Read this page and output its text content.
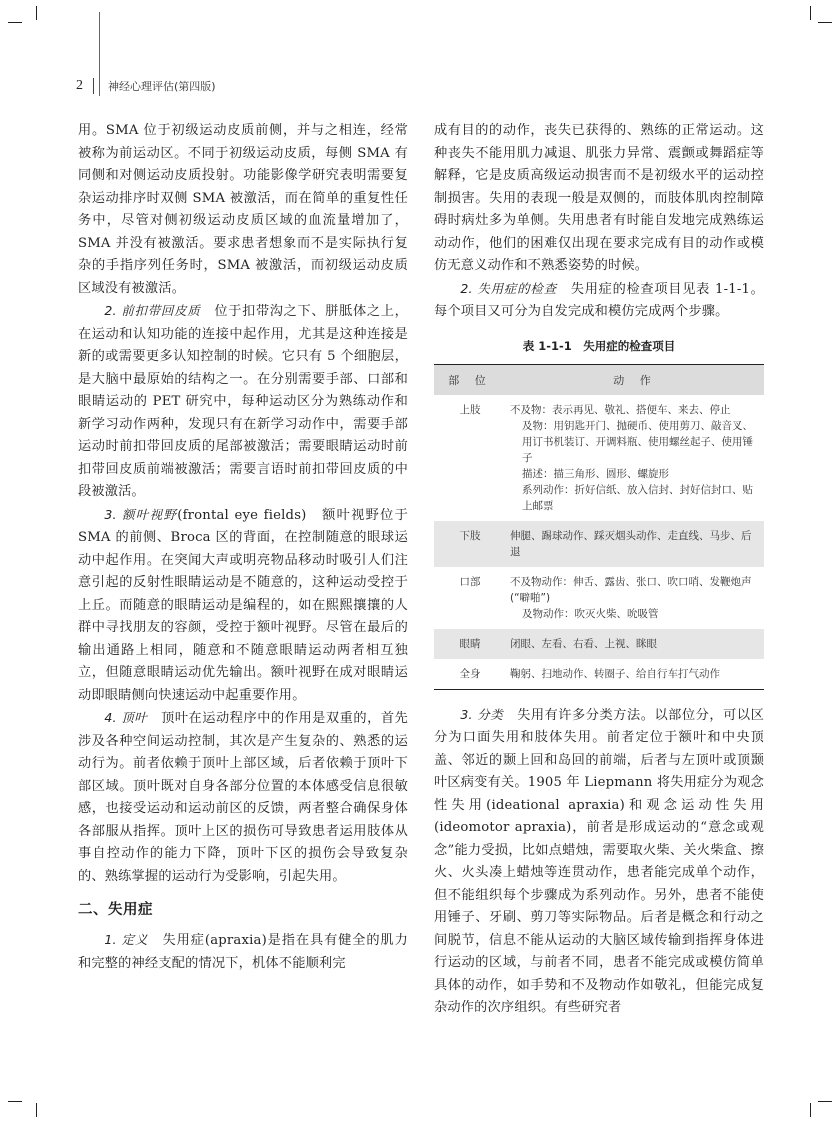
2 神经心理评估(第四版)

用。SMA 位于初级运动皮质前侧，并与之相连，经常被称为前运动区。不同于初级运动皮质，每侧 SMA 有同侧和对侧运动皮质投射。功能影像学研究表明需要复杂运动排序时双侧 SMA 被激活，而在简单的重复性任务中，尽管对侧初级运动皮质区域的血流量增加了，SMA 并没有被激活。要求患者想象而不是实际执行复杂的手指序列任务时，SMA 被激活，而初级运动皮质区域没有被激活。

2. 前扣带回皮质　位于扣带沟之下、胼胝体之上，在运动和认知功能的连接中起作用，尤其是这种连接是新的或需要更多认知控制的时候。它只有 5 个细胞层，是大脑中最原始的结构之一。在分别需要手部、口部和眼睛运动的 PET 研究中，每种运动区分为熟练动作和新学习动作两种，发现只有在新学习动作中，需要手部运动时前扣带回皮质的尾部被激活；需要眼睛运动时前扣带回皮质前端被激活；需要言语时前扣带回皮质的中段被激活。

3. 额叶视野(frontal eye fields)　额叶视野位于 SMA 的前侧、Broca 区的背面，在控制随意的眼球运动中起作用。在突闻大声或明亮物品移动时吸引人们注意引起的反射性眼睛运动是不随意的，这种运动受控于上丘。而随意的眼睛运动是编程的，如在熙熙攘攘的人群中寻找朋友的容颜，受控于额叶视野。尽管在最后的输出通路上相同，随意和不随意眼睛运动两者相互独立，但随意眼睛运动优先输出。额叶视野在成对眼睛运动即眼睛侧向快速运动中起重要作用。

4. 顶叶　顶叶在运动程序中的作用是双重的，首先涉及各种空间运动控制，其次是产生复杂的、熟悉的运动行为。前者依赖于顶叶上部区域，后者依赖于顶叶下部区域。顶叶既对自身各部分位置的本体感受信息很敏感，也接受运动和运动前区的反馈，两者整合确保身体各部服从指挥。顶叶上区的损伤可导致患者运用肢体从事自控动作的能力下降，顶叶下区的损伤会导致复杂的、熟练掌握的运动行为受影响，引起失用。

二、失用症

1. 定义　失用症(apraxia)是指在具有健全的肌力和完整的神经支配的情况下，机体不能顺利完

成有目的的动作，丧失已获得的、熟练的正常运动。这种丧失不能用肌力减退、肌张力异常、震颤或舞蹈症等解释，它是皮质高级运动损害而不是初级水平的运动控制损害。失用的表现一般是双侧的，而肢体肌肉控制障碍时病灶多为单侧。失用患者有时能自发地完成熟练运动动作，他们的困难仅出现在要求完成有目的动作或模仿无意义动作和不熟悉姿势的时候。

2. 失用症的检查　失用症的检查项目见表 1-1-1。每个项目又可分为自发完成和模仿完成两个步骤。

表 1-1-1　失用症的检查项目
部 位	动 作
上肢	不及物：表示再见、敬礼、搭便车、来去、停止
及物：用钥匙开门、抛硬币、使用剪刀、敲音叉、用订书机装订、开调料瓶、使用螺丝起子、使用锤子
描述：描三角形、圆形、螺旋形
系列动作：折好信纸、放入信封、封好信封口、贴上邮票

下肢	伸腿、踢球动作、踩灭烟头动作、走直线、马步、后退

口部	不及物动作：伸舌、露齿、张口、吹口哨、发鞭炮声(“噼啪”)
及物动作：吹灭火柴、吮吸管

眼睛	闭眼、左看、右看、上视、眯眼

全身	鞠躬、扫地动作、转圈子、给自行车打气动作

3. 分类　失用有许多分类方法。以部位分，可以区分为口面失用和肢体失用。前者定位于额叶和中央顶盖、邻近的颞上回和岛回的前端，后者与左顶叶或顶颞叶区病变有关。1905 年 Liepmann 将失用症分为观念性失用(ideational apraxia)和观念运动性失用(ideomotor apraxia)，前者是形成运动的“意念或观念”能力受损，比如点蜡烛，需要取火柴、关火柴盒、擦火、火头凑上蜡烛等连贯动作，患者能完成单个动作，但不能组织每个步骤成为系列动作。另外，患者不能使用锤子、牙刷、剪刀等实际物品。后者是概念和行动之间脱节，信息不能从运动的大脑区域传输到指挥身体进行运动的区域，与前者不同，患者不能完成或模仿简单具体的动作，如手势和不及物动作如敬礼，但能完成复杂动作的次序组织。有些研究者
